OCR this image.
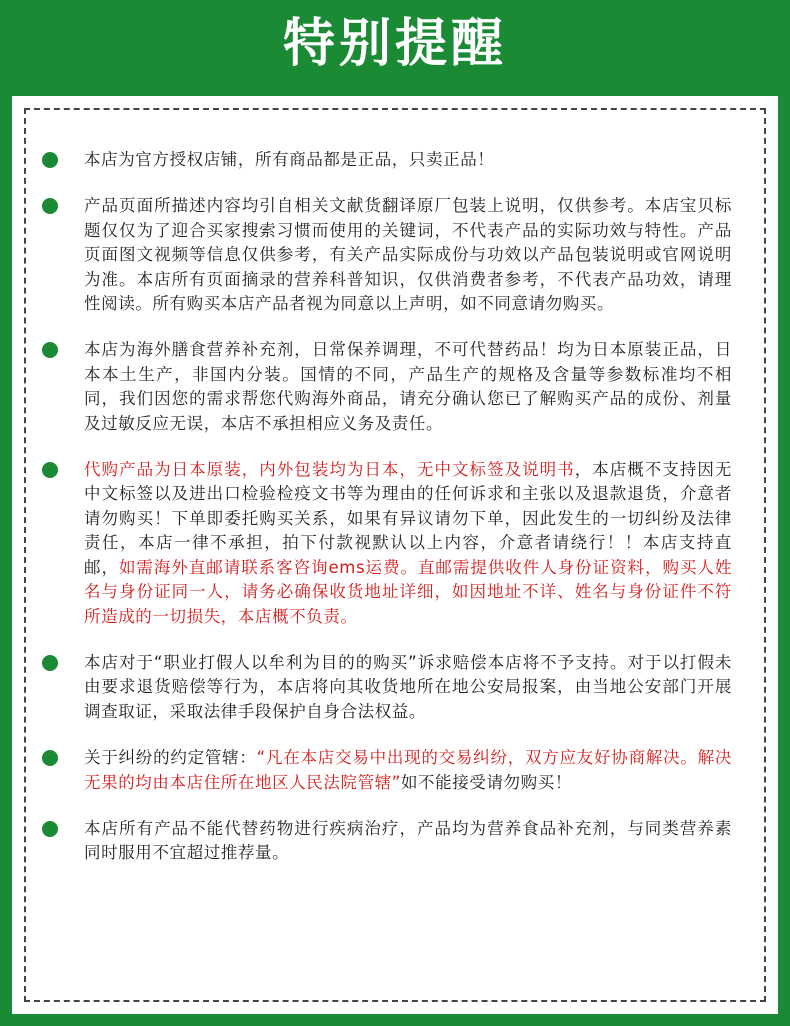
特别提醒
本店为官方授权店铺，所有商品都是正品，只卖正品！
产品页面所描述内容均引自相关文献货翻译原厂包装上说明，仅供参考。本店宝贝标题仅仅为了迎合买家搜索习惯而使用的关键词，不代表产品的实际功效与特性。产品页面图文视频等信息仅供参考，有关产品实际成份与功效以产品包装说明或官网说明为准。本店所有页面摘录的营养科普知识，仅供消费者参考，不代表产品功效，请理性阅读。所有购买本店产品者视为同意以上声明，如不同意请勿购买。
本店为海外膳食营养补充剂，日常保养调理，不可代替药品！均为日本原装正品，日本本土生产，非国内分装。国情的不同，产品生产的规格及含量等参数标准均不相同，我们因您的需求帮您代购海外商品，请充分确认您已了解购买产品的成份、剂量及过敏反应无误，本店不承担相应义务及责任。
代购产品为日本原装，内外包装均为日本，无中文标签及说明书，本店概不支持因无中文标签以及进出口检验检疫文书等为理由的任何诉求和主张以及退款退货，介意者请勿购买！下单即委托购买关系，如果有异议请勿下单，因此发生的一切纠纷及法律责任，本店一律不承担，拍下付款视默认以上内容，介意者请绕行！！本店支持直邮，如需海外直邮请联系客咨询ems运费。直邮需提供收件人身份证资料，购买人姓名与身份证同一人，请务必确保收货地址详细，如因地址不详、姓名与身份证件不符所造成的一切损失，本店概不负责。
本店对于“职业打假人以牟利为目的的购买”诉求赔偿本店将不予支持。对于以打假未由要求退货赔偿等行为，本店将向其收货地所在地公安局报案，由当地公安部门开展调查取证，采取法律手段保护自身合法权益。
关于纠纷的约定管辖：“凡在本店交易中出现的交易纠纷，双方应友好协商解决。解决无果的均由本店住所在地区人民法院管辖”如不能接受请勿购买！
本店所有产品不能代替药物进行疾病治疗，产品均为营养食品补充剂，与同类营养素同时服用不宜超过推荐量。
